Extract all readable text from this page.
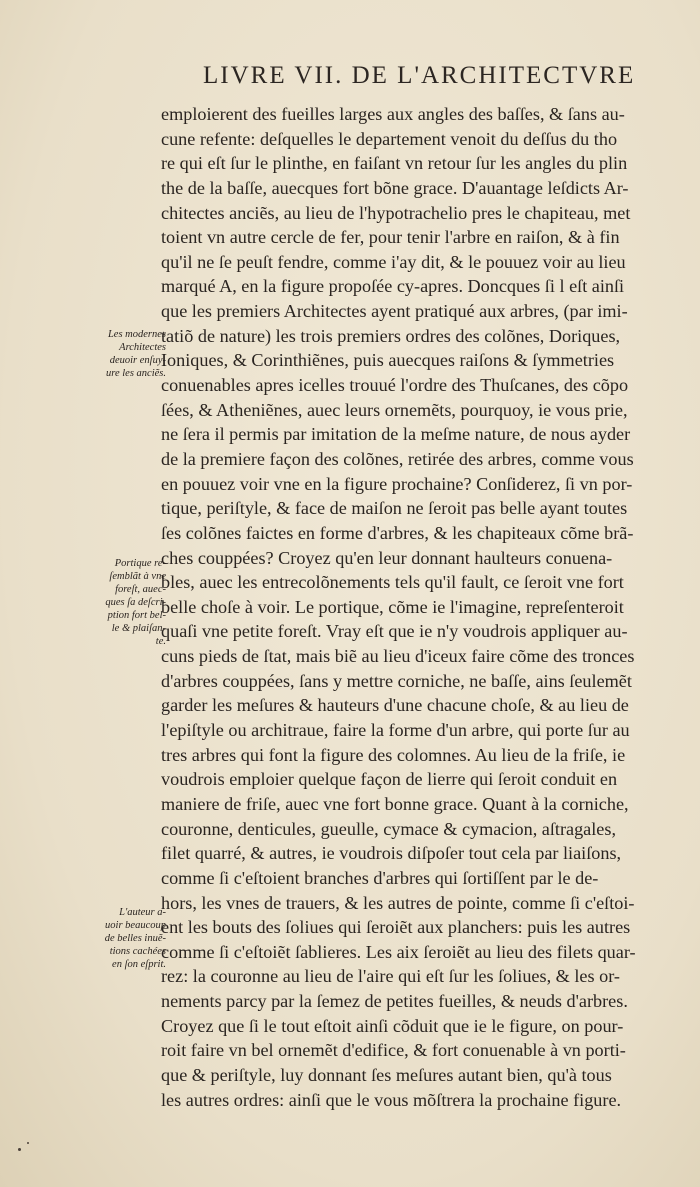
LIVRE VII. DE L'ARCHITECTVRE
emploierent des fueilles larges aux angles des baſſes, & ſans au-
cune refente: deſquelles le departement venoit du deſſus du tho
re qui eſt ſur le plinthe, en faiſant vn retour ſur les angles du plin
the de la baſſe, auecques fort bõne grace. D'auantage leſdicts Ar-
chitectes anciẽs, au lieu de l'hypotrachelio pres le chapiteau, met
toient vn autre cercle de fer, pour tenir l'arbre en raiſon, & à fin
qu'il ne ſe peuſt fendre, comme i'ay dit, & le pouuez voir au lieu
marqué A, en la figure propoſée cy-apres. Doncques ſi l eſt ainſi
que les premiers Architectes ayent pratiqué aux arbres, (par imi-
tatiõ de nature) les trois premiers ordres des colõnes, Doriques,
Ioniques, & Corinthiẽnes, puis auecques raiſons & ſymmetries
conuenables apres icelles trouué l'ordre des Thuſcanes, des cõpo
ſées, & Atheniẽnes, auec leurs ornemẽts, pourquoy, ie vous prie,
ne ſera il permis par imitation de la meſme nature, de nous ayder
de la premiere façon des colõnes, retirée des arbres, comme vous
en pouuez voir vne en la figure prochaine? Conſiderez, ſi vn por-
tique, periſtyle, & face de maiſon ne ſeroit pas belle ayant toutes
ſes colõnes faictes en forme d'arbres, & les chapiteaux cõme brã-
ches couppées? Croyez qu'en leur donnant haulteurs conuena-
bles, auec les entrecolõnements tels qu'il fault, ce ſeroit vne fort
belle choſe à voir. Le portique, cõme ie l'imagine, repreſenteroit
quaſi vne petite foreſt. Vray eſt que ie n'y voudrois appliquer au-
cuns pieds de ſtat, mais biẽ au lieu d'iceux faire cõme des tronces
d'arbres couppées, ſans y mettre corniche, ne baſſe, ains ſeulemẽt
garder les meſures & hauteurs d'une chacune choſe, & au lieu de
l'epiſtyle ou architraue, faire la forme d'un arbre, qui porte ſur au
tres arbres qui font la figure des colomnes. Au lieu de la friſe, ie
voudrois emploier quelque façon de lierre qui ſeroit conduit en
maniere de friſe, auec vne fort bonne grace. Quant à la corniche,
couronne, denticules, gueulle, cymace & cymacion, aſtragales,
filet quarré, & autres, ie voudrois diſpoſer tout cela par liaiſons,
comme ſi c'eſtoient branches d'arbres qui ſortiſſent par le de-
hors, les vnes de trauers, & les autres de pointe, comme ſi c'eſtoi-
ent les bouts des ſoliues qui ſeroiẽt aux planchers: puis les autres
comme ſi c'eſtoiẽt ſablieres. Les aix ſeroiẽt au lieu des filets quar-
rez: la couronne au lieu de l'aire qui eſt ſur les ſoliues, & les or-
nements parcy par la ſemez de petites fueilles, & neuds d'arbres.
Croyez que ſi le tout eſtoit ainſi cõduit que ie le figure, on pour-
roit faire vn bel ornemẽt d'edifice, & fort conuenable à vn porti-
que & periſtyle, luy donnant ſes meſures autant bien, qu'à tous
les autres ordres: ainſi que le vous mõſtrera la prochaine figure.
Les modernes
Architectes
deuoir enſuy-
ure les anciẽs.
Portique re-
ſemblãt à vne
foreſt, auec-
ques ſa deſcri-
ption fort bel-
le & plaiſan-
te.
L'auteur a-
uoir beaucoup
de belles inuẽ-
tions cachées
en ſon eſprit.
